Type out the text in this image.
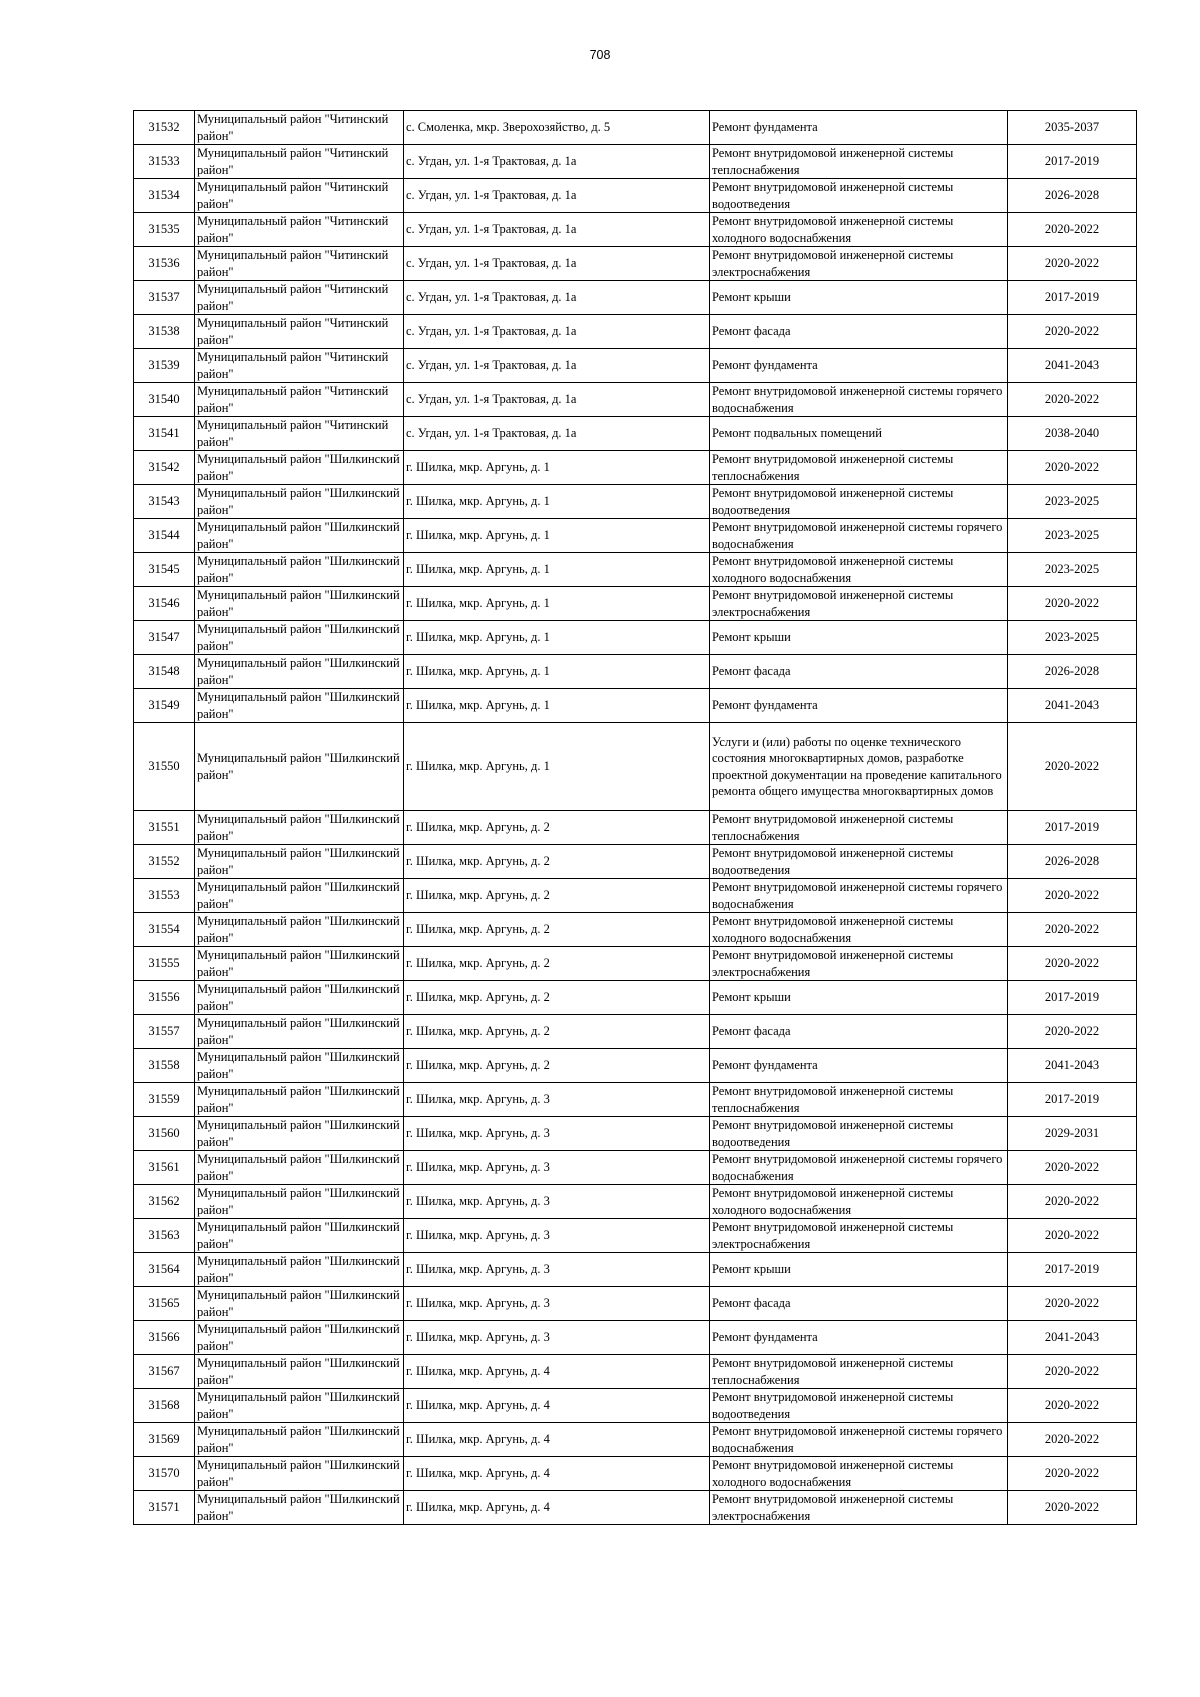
708
31532	Муниципальный район "Читинский район"	с. Смоленка, мкр. Зверохозяйство, д. 5	Ремонт фундамента	2035-2037
31533	Муниципальный район "Читинский район"	с. Угдан, ул. 1-я Трактовая, д. 1а	Ремонт внутридомовой инженерной системы теплоснабжения	2017-2019
31534	Муниципальный район "Читинский район"	с. Угдан, ул. 1-я Трактовая, д. 1а	Ремонт внутридомовой инженерной системы водоотведения	2026-2028
31535	Муниципальный район "Читинский район"	с. Угдан, ул. 1-я Трактовая, д. 1а	Ремонт внутридомовой инженерной системы холодного водоснабжения	2020-2022
31536	Муниципальный район "Читинский район"	с. Угдан, ул. 1-я Трактовая, д. 1а	Ремонт внутридомовой инженерной системы электроснабжения	2020-2022
31537	Муниципальный район "Читинский район"	с. Угдан, ул. 1-я Трактовая, д. 1а	Ремонт крыши	2017-2019
31538	Муниципальный район "Читинский район"	с. Угдан, ул. 1-я Трактовая, д. 1а	Ремонт фасада	2020-2022
31539	Муниципальный район "Читинский район"	с. Угдан, ул. 1-я Трактовая, д. 1а	Ремонт фундамента	2041-2043
31540	Муниципальный район "Читинский район"	с. Угдан, ул. 1-я Трактовая, д. 1а	Ремонт внутридомовой инженерной системы горячего водоснабжения	2020-2022
31541	Муниципальный район "Читинский район"	с. Угдан, ул. 1-я Трактовая, д. 1а	Ремонт подвальных помещений	2038-2040
31542	Муниципальный район "Шилкинский район"	г. Шилка, мкр. Аргунь, д. 1	Ремонт внутридомовой инженерной системы теплоснабжения	2020-2022
31543	Муниципальный район "Шилкинский район"	г. Шилка, мкр. Аргунь, д. 1	Ремонт внутридомовой инженерной системы водоотведения	2023-2025
31544	Муниципальный район "Шилкинский район"	г. Шилка, мкр. Аргунь, д. 1	Ремонт внутридомовой инженерной системы горячего водоснабжения	2023-2025
31545	Муниципальный район "Шилкинский район"	г. Шилка, мкр. Аргунь, д. 1	Ремонт внутридомовой инженерной системы холодного водоснабжения	2023-2025
31546	Муниципальный район "Шилкинский район"	г. Шилка, мкр. Аргунь, д. 1	Ремонт внутридомовой инженерной системы электроснабжения	2020-2022
31547	Муниципальный район "Шилкинский район"	г. Шилка, мкр. Аргунь, д. 1	Ремонт крыши	2023-2025
31548	Муниципальный район "Шилкинский район"	г. Шилка, мкр. Аргунь, д. 1	Ремонт фасада	2026-2028
31549	Муниципальный район "Шилкинский район"	г. Шилка, мкр. Аргунь, д. 1	Ремонт фундамента	2041-2043
31550	Муниципальный район "Шилкинский район"	г. Шилка, мкр. Аргунь, д. 1	Услуги и (или) работы по оценке технического состояния многоквартирных домов, разработке проектной документации на проведение капитального ремонта общего имущества многоквартирных домов	2020-2022
31551	Муниципальный район "Шилкинский район"	г. Шилка, мкр. Аргунь, д. 2	Ремонт внутридомовой инженерной системы теплоснабжения	2017-2019
31552	Муниципальный район "Шилкинский район"	г. Шилка, мкр. Аргунь, д. 2	Ремонт внутридомовой инженерной системы водоотведения	2026-2028
31553	Муниципальный район "Шилкинский район"	г. Шилка, мкр. Аргунь, д. 2	Ремонт внутридомовой инженерной системы горячего водоснабжения	2020-2022
31554	Муниципальный район "Шилкинский район"	г. Шилка, мкр. Аргунь, д. 2	Ремонт внутридомовой инженерной системы холодного водоснабжения	2020-2022
31555	Муниципальный район "Шилкинский район"	г. Шилка, мкр. Аргунь, д. 2	Ремонт внутридомовой инженерной системы электроснабжения	2020-2022
31556	Муниципальный район "Шилкинский район"	г. Шилка, мкр. Аргунь, д. 2	Ремонт крыши	2017-2019
31557	Муниципальный район "Шилкинский район"	г. Шилка, мкр. Аргунь, д. 2	Ремонт фасада	2020-2022
31558	Муниципальный район "Шилкинский район"	г. Шилка, мкр. Аргунь, д. 2	Ремонт фундамента	2041-2043
31559	Муниципальный район "Шилкинский район"	г. Шилка, мкр. Аргунь, д. 3	Ремонт внутридомовой инженерной системы теплоснабжения	2017-2019
31560	Муниципальный район "Шилкинский район"	г. Шилка, мкр. Аргунь, д. 3	Ремонт внутридомовой инженерной системы водоотведения	2029-2031
31561	Муниципальный район "Шилкинский район"	г. Шилка, мкр. Аргунь, д. 3	Ремонт внутридомовой инженерной системы горячего водоснабжения	2020-2022
31562	Муниципальный район "Шилкинский район"	г. Шилка, мкр. Аргунь, д. 3	Ремонт внутридомовой инженерной системы холодного водоснабжения	2020-2022
31563	Муниципальный район "Шилкинский район"	г. Шилка, мкр. Аргунь, д. 3	Ремонт внутридомовой инженерной системы электроснабжения	2020-2022
31564	Муниципальный район "Шилкинский район"	г. Шилка, мкр. Аргунь, д. 3	Ремонт крыши	2017-2019
31565	Муниципальный район "Шилкинский район"	г. Шилка, мкр. Аргунь, д. 3	Ремонт фасада	2020-2022
31566	Муниципальный район "Шилкинский район"	г. Шилка, мкр. Аргунь, д. 3	Ремонт фундамента	2041-2043
31567	Муниципальный район "Шилкинский район"	г. Шилка, мкр. Аргунь, д. 4	Ремонт внутридомовой инженерной системы теплоснабжения	2020-2022
31568	Муниципальный район "Шилкинский район"	г. Шилка, мкр. Аргунь, д. 4	Ремонт внутридомовой инженерной системы водоотведения	2020-2022
31569	Муниципальный район "Шилкинский район"	г. Шилка, мкр. Аргунь, д. 4	Ремонт внутридомовой инженерной системы горячего водоснабжения	2020-2022
31570	Муниципальный район "Шилкинский район"	г. Шилка, мкр. Аргунь, д. 4	Ремонт внутридомовой инженерной системы холодного водоснабжения	2020-2022
31571	Муниципальный район "Шилкинский район"	г. Шилка, мкр. Аргунь, д. 4	Ремонт внутридомовой инженерной системы электроснабжения	2020-2022
